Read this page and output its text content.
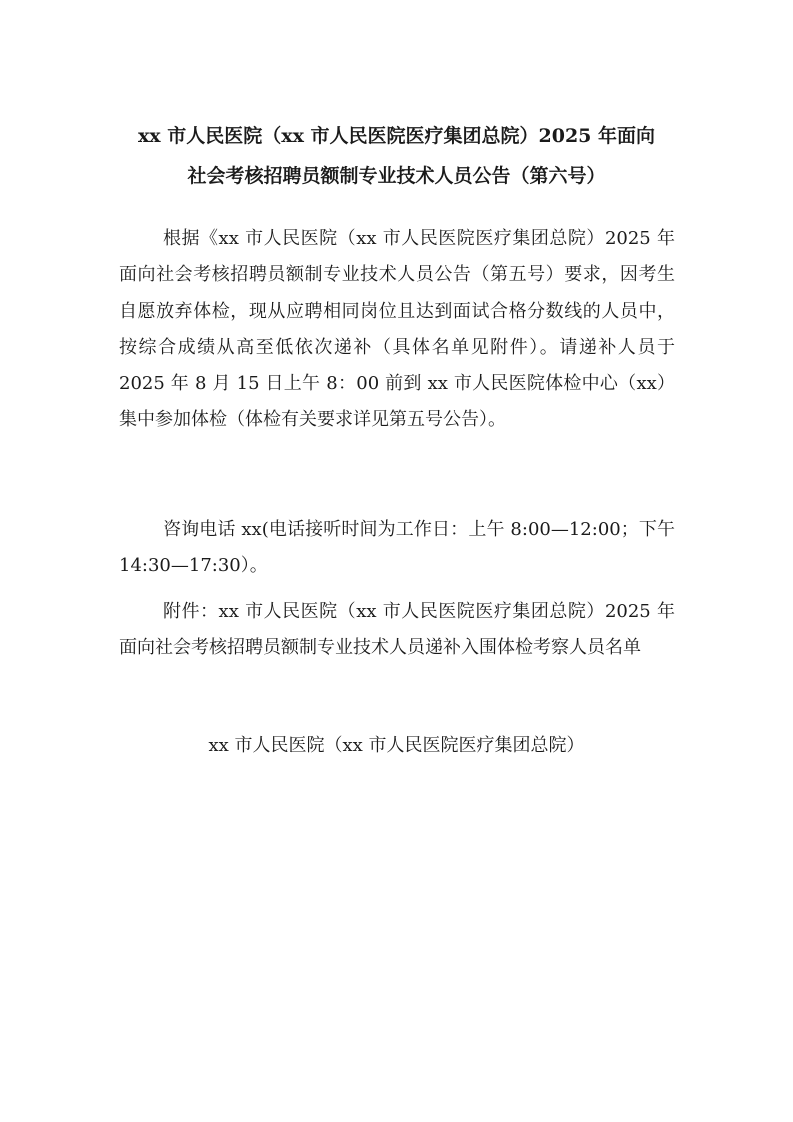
xx 市人民医院（xx 市人民医院医疗集团总院）2025 年面向
社会考核招聘员额制专业技术人员公告（第六号）

根据《xx 市人民医院（xx 市人民医院医疗集团总院）2025 年面向社会考核招聘员额制专业技术人员公告（第五号）要求，因考生自愿放弃体检，现从应聘相同岗位且达到面试合格分数线的人员中，按综合成绩从高至低依次递补（具体名单见附件）。请递补人员于 2025 年 8 月 15 日上午 8：00 前到 xx 市人民医院体检中心（xx）集中参加体检（体检有关要求详见第五号公告）。

咨询电话 xx(电话接听时间为工作日：上午 8:00—12:00；下午 14:30—17:30）。

附件：xx 市人民医院（xx 市人民医院医疗集团总院）2025 年面向社会考核招聘员额制专业技术人员递补入围体检考察人员名单

xx 市人民医院（xx 市人民医院医疗集团总院）
